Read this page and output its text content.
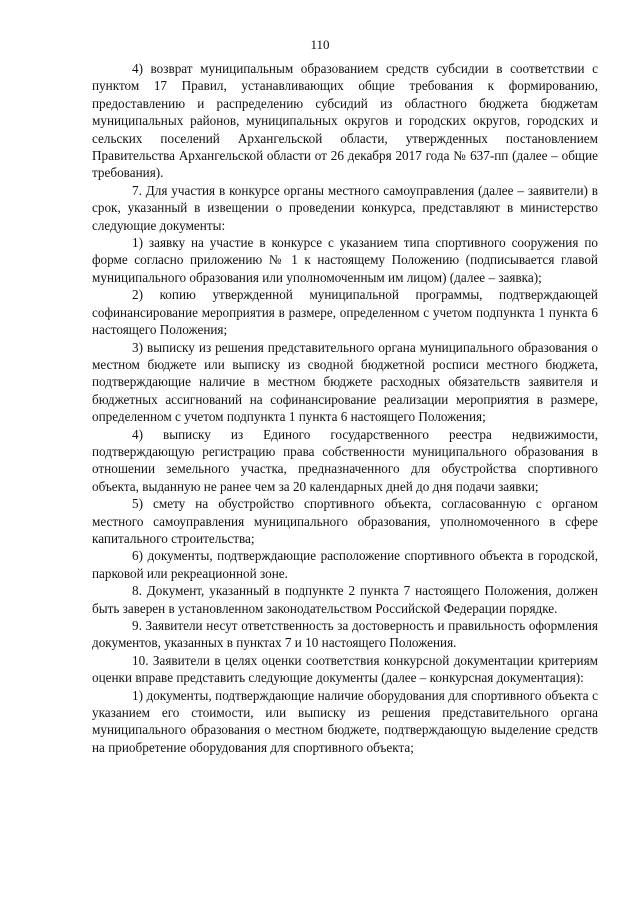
110

4) возврат муниципальным образованием средств субсидии в соответствии с пунктом 17 Правил, устанавливающих общие требования к формированию, предоставлению и распределению субсидий из областного бюджета бюджетам муниципальных районов, муниципальных округов и городских округов, городских и сельских поселений Архангельской области, утвержденных постановлением Правительства Архангельской области от 26 декабря 2017 года № 637-пп (далее – общие требования).

7. Для участия в конкурсе органы местного самоуправления (далее – заявители) в срок, указанный в извещении о проведении конкурса, представляют в министерство следующие документы:

1) заявку на участие в конкурсе с указанием типа спортивного сооружения по форме согласно приложению № 1 к настоящему Положению (подписывается главой муниципального образования или уполномоченным им лицом) (далее – заявка);

2) копию утвержденной муниципальной программы, подтверждающей софинансирование мероприятия в размере, определенном с учетом подпункта 1 пункта 6 настоящего Положения;

3) выписку из решения представительного органа муниципального образования о местном бюджете или выписку из сводной бюджетной росписи местного бюджета, подтверждающие наличие в местном бюджете расходных обязательств заявителя и бюджетных ассигнований на софинансирование реализации мероприятия в размере, определенном с учетом подпункта 1 пункта 6 настоящего Положения;

4) выписку из Единого государственного реестра недвижимости, подтверждающую регистрацию права собственности муниципального образования в отношении земельного участка, предназначенного для обустройства спортивного объекта, выданную не ранее чем за 20 календарных дней до дня подачи заявки;

5) смету на обустройство спортивного объекта, согласованную с органом местного самоуправления муниципального образования, уполномоченного в сфере капитального строительства;

6) документы, подтверждающие расположение спортивного объекта в городской, парковой или рекреационной зоне.

8. Документ, указанный в подпункте 2 пункта 7 настоящего Положения, должен быть заверен в установленном законодательством Российской Федерации порядке.

9. Заявители несут ответственность за достоверность и правильность оформления документов, указанных в пунктах 7 и 10 настоящего Положения.

10. Заявители в целях оценки соответствия конкурсной документации критериям оценки вправе представить следующие документы (далее – конкурсная документация):

1) документы, подтверждающие наличие оборудования для спортивного объекта с указанием его стоимости, или выписку из решения представительного органа муниципального образования о местном бюджете, подтверждающую выделение средств на приобретение оборудования для спортивного объекта;
